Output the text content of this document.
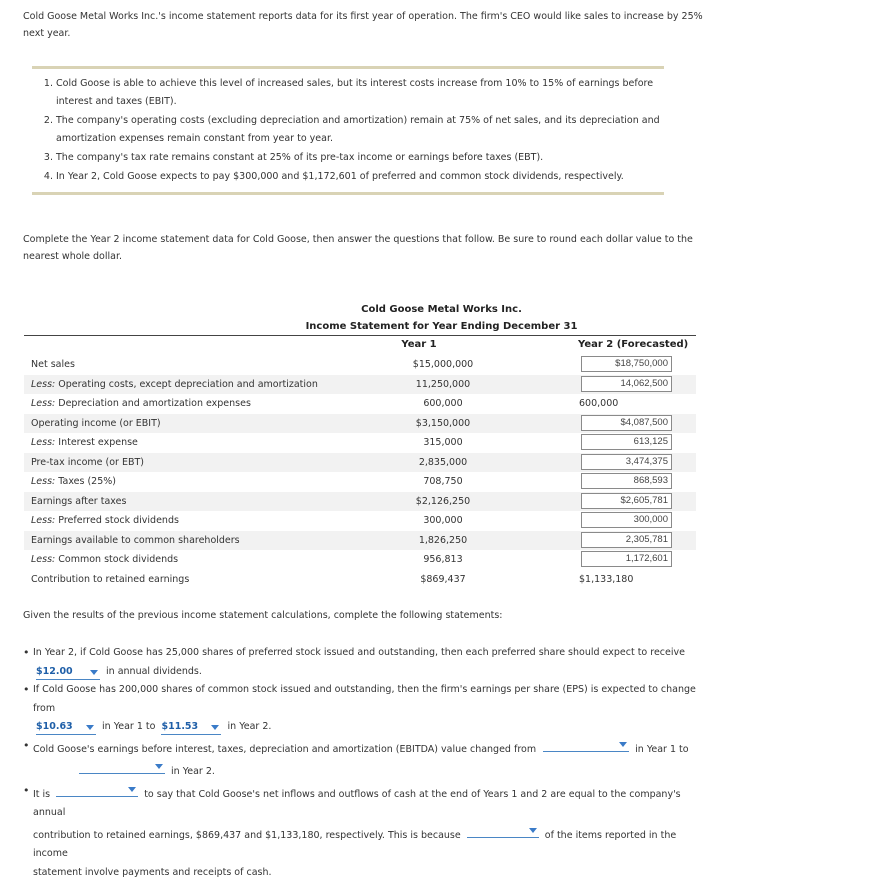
Cold Goose Metal Works Inc.'s income statement reports data for its first year of operation. The firm's CEO would like sales to increase by 25% next year.
1. Cold Goose is able to achieve this level of increased sales, but its interest costs increase from 10% to 15% of earnings before interest and taxes (EBIT).
2. The company's operating costs (excluding depreciation and amortization) remain at 75% of net sales, and its depreciation and amortization expenses remain constant from year to year.
3. The company's tax rate remains constant at 25% of its pre-tax income or earnings before taxes (EBT).
4. In Year 2, Cold Goose expects to pay $300,000 and $1,172,601 of preferred and common stock dividends, respectively.
Complete the Year 2 income statement data for Cold Goose, then answer the questions that follow. Be sure to round each dollar value to the nearest whole dollar.
Cold Goose Metal Works Inc.
Income Statement for Year Ending December 31
Year 1	Year 2 (Forecasted)
Net sales	$15,000,000	$18,750,000
Less: Operating costs, except depreciation and amortization	11,250,000	14,062,500
Less: Depreciation and amortization expenses	600,000	600,000
Operating income (or EBIT)	$3,150,000	$4,087,500
Less: Interest expense	315,000	613,125
Pre-tax income (or EBT)	2,835,000	3,474,375
Less: Taxes (25%)	708,750	868,593
Earnings after taxes	$2,126,250	$2,605,781
Less: Preferred stock dividends	300,000	300,000
Earnings available to common shareholders	1,826,250	2,305,781
Less: Common stock dividends	956,813	1,172,601
Contribution to retained earnings	$869,437	$1,133,180
Given the results of the previous income statement calculations, complete the following statements:
• In Year 2, if Cold Goose has 25,000 shares of preferred stock issued and outstanding, then each preferred share should expect to receive
$12.00	in annual dividends.
• If Cold Goose has 200,000 shares of common stock issued and outstanding, then the firm's earnings per share (EPS) is expected to change from
$10.63	in Year 1 to $11.53	in Year 2.
• Cold Goose's earnings before interest, taxes, depreciation and amortization (EBITDA) value changed from	in Year 1 to

in Year 2.
• It is	to say that Cold Goose's net inflows and outflows of cash at the end of Years 1 and 2 are equal to the company's annual
contribution to retained earnings, $869,437 and $1,133,180, respectively. This is because	of the items reported in the income
statement involve payments and receipts of cash.
